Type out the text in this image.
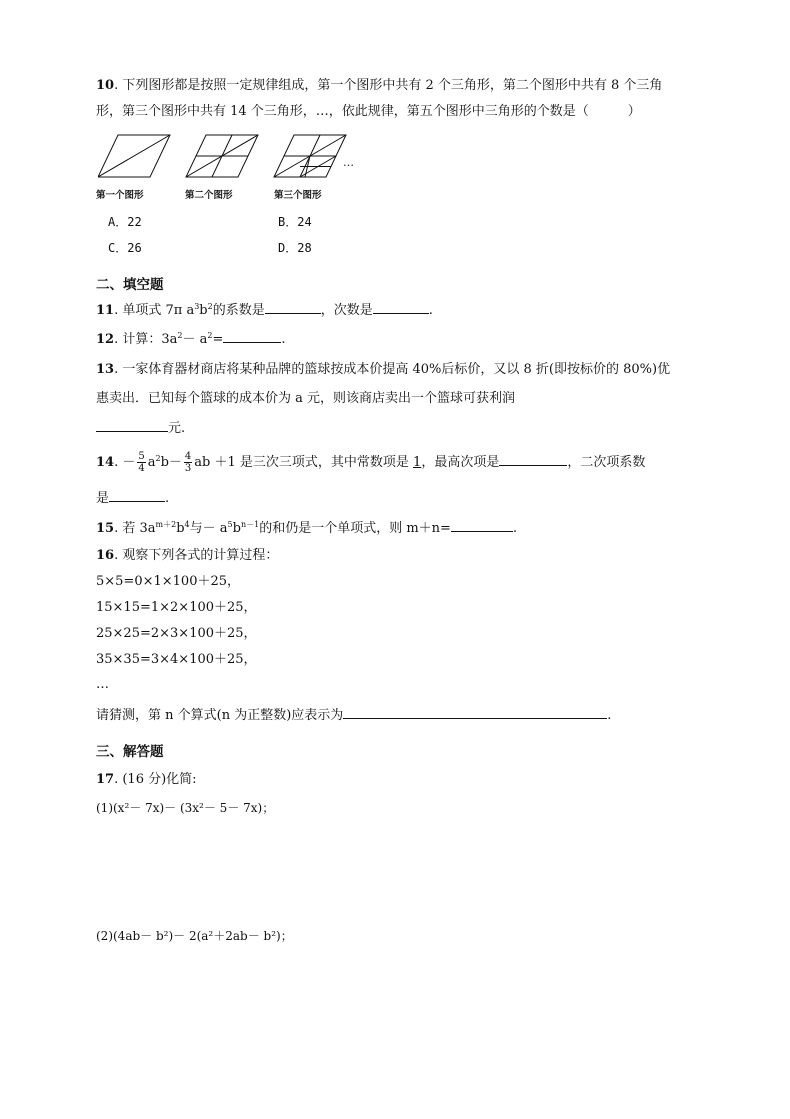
10. 下列图形都是按照一定规律组成，第一个图形中共有 2 个三角形，第二个图形中共有 8 个三角
形，第三个图形中共有 14 个三角形，…，依此规律，第五个图形中三角形的个数是（　　　）
…
第一个图形	第二个图形	第三个图形
A．22	B．24
C．26	D．28
二、填空题
11. 单项式 7π $a^3b^2$的系数是	，次数是	.
12. 计算：$3a^2- a^2=$	.
13. 一家体育器材商店将某种品牌的篮球按成本价提高 40%后标价，又以 8 折(即按标价的 80%)优
惠卖出．已知每个篮球的成本价为 a 元，则该商店卖出一个篮球可获利润
元.
14. － $\frac{5}{4} a^2b- \frac{4}{3}$ ab ＋1 是三次三项式，其中常数项是 1，最高次项是	，二次项系数
是	.
15. 若 $3a^{m+2}b^4$与－ $a^5b^{n-1}$的和仍是一个单项式，则 m＋n=	.
16. 观察下列各式的计算过程：
5×5=0×1×100＋25，
15×15=1×2×100＋25，
25×25=2×3×100＋25，
35×35=3×4×100＋25，
…
请猜测，第 n 个算式(n 为正整数)应表示为	.
三、解答题
17. (16 分)化简:
(1)(x²－ 7x)－ (3x²－ 5－ 7x)；
(2)(4ab－ b²)－ 2(a²＋2ab－ b²)；
